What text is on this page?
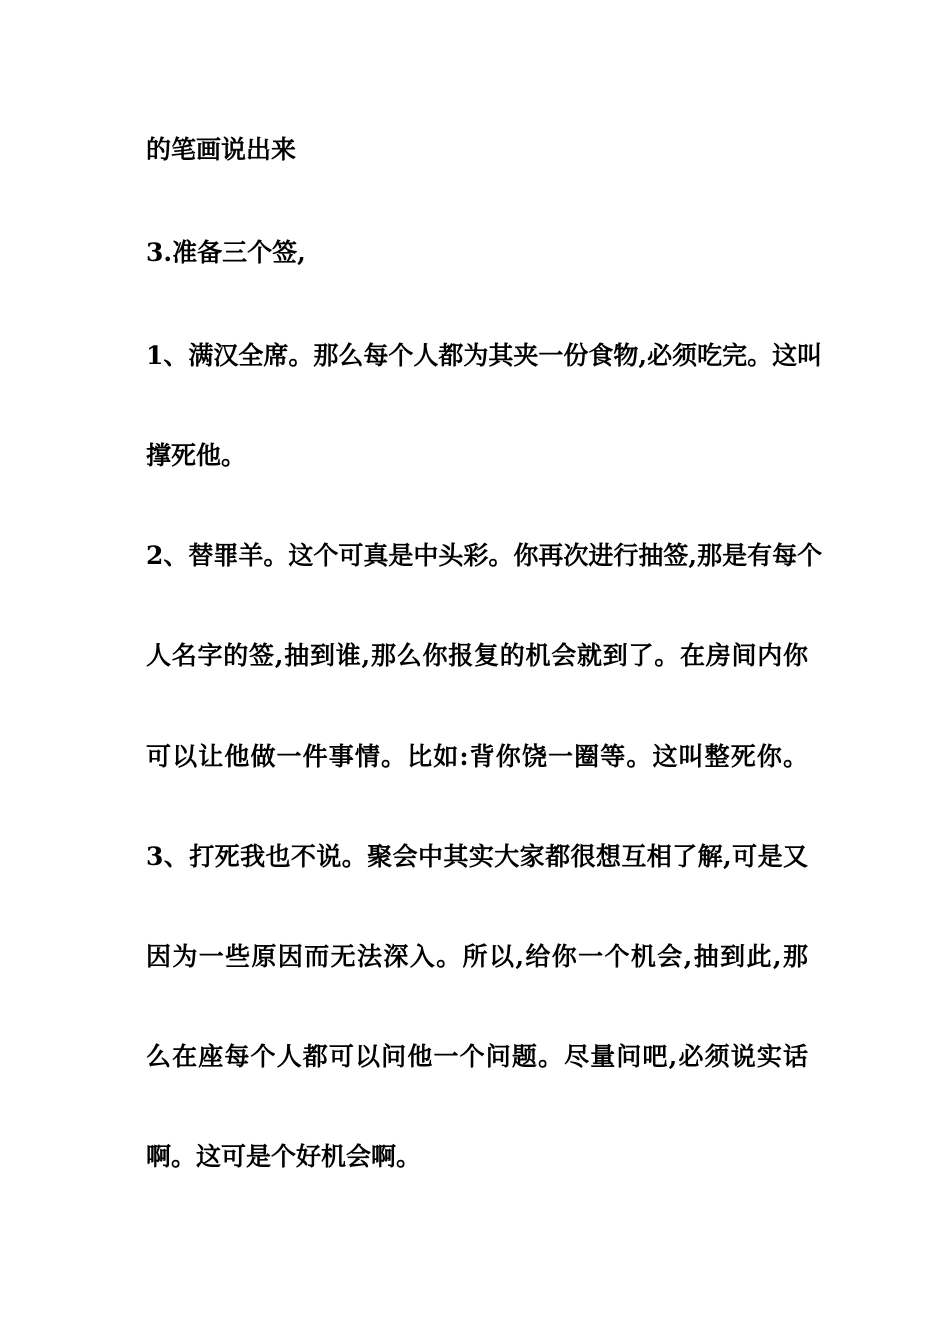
的笔画说出来

3.准备三个签,

1、满汉全席。那么每个人都为其夹一份食物,必须吃完。这叫

撑死他。

2、替罪羊。这个可真是中头彩。你再次进行抽签,那是有每个

人名字的签,抽到谁,那么你报复的机会就到了。在房间内你

可以让他做一件事情。比如:背你饶一圈等。这叫整死你。

3、打死我也不说。聚会中其实大家都很想互相了解,可是又

因为一些原因而无法深入。所以,给你一个机会,抽到此,那

么在座每个人都可以问他一个问题。尽量问吧,必须说实话

啊。这可是个好机会啊。
